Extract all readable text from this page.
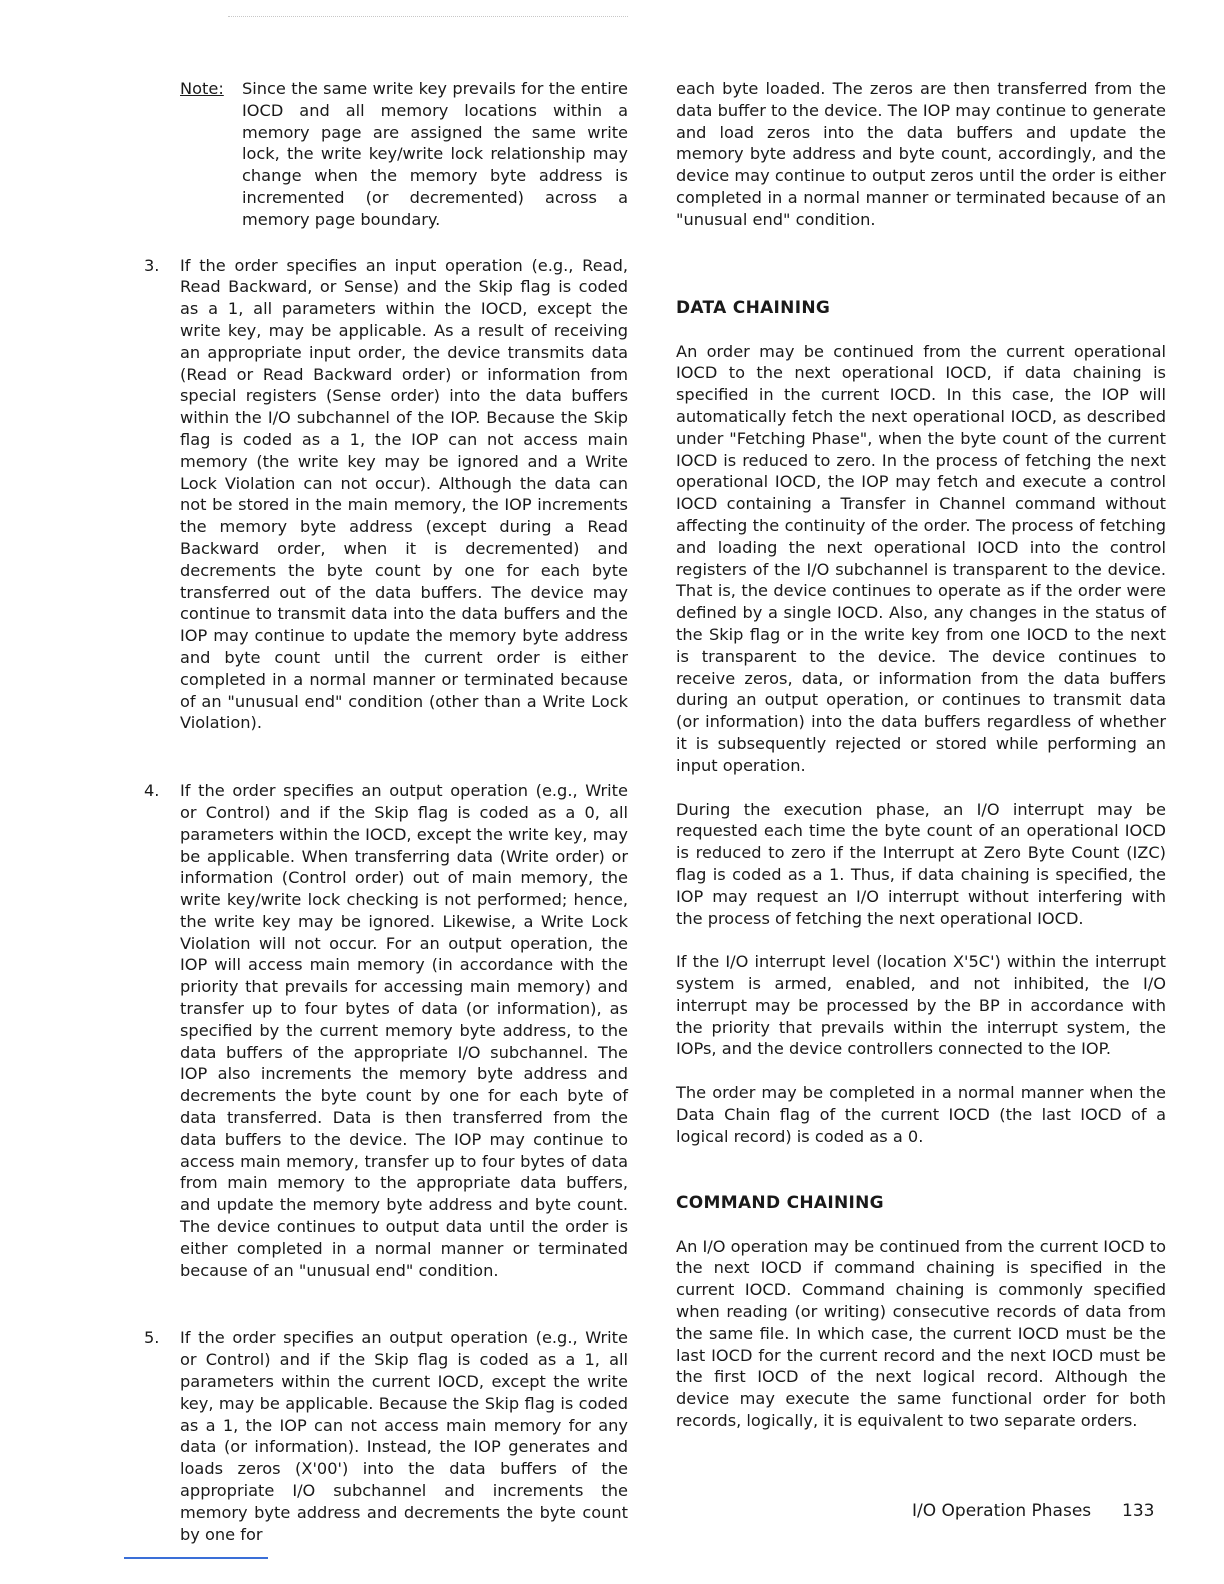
Note:	Since the same write key prevails for the entire IOCD and all memory locations within a memory page are assigned the same write lock, the write key/write lock relationship may change when the memory byte address is incremented (or decremented) across a memory page boundary.

3. If the order specifies an input operation (e.g., Read, Read Backward, or Sense) and the Skip flag is coded as a 1, all parameters within the IOCD, except the write key, may be applicable. As a result of receiving an appropriate input order, the device transmits data (Read or Read Backward order) or information from special registers (Sense order) into the data buffers within the I/O subchannel of the IOP. Because the Skip flag is coded as a 1, the IOP can not access main memory (the write key may be ignored and a Write Lock Violation can not occur). Although the data can not be stored in the main memory, the IOP increments the memory byte address (except during a Read Backward order, when it is decremented) and decrements the byte count by one for each byte transferred out of the data buffers. The device may continue to transmit data into the data buffers and the IOP may continue to update the memory byte address and byte count until the current order is either completed in a normal manner or terminated because of an "unusual end" condition (other than a Write Lock Violation).

4. If the order specifies an output operation (e.g., Write or Control) and if the Skip flag is coded as a 0, all parameters within the IOCD, except the write key, may be applicable. When transferring data (Write order) or information (Control order) out of main memory, the write key/write lock checking is not performed; hence, the write key may be ignored. Likewise, a Write Lock Violation will not occur. For an output operation, the IOP will access main memory (in accordance with the priority that prevails for accessing main memory) and transfer up to four bytes of data (or information), as specified by the current memory byte address, to the data buffers of the appropriate I/O subchannel. The IOP also increments the memory byte address and decrements the byte count by one for each byte of data transferred. Data is then transferred from the data buffers to the device. The IOP may continue to access main memory, transfer up to four bytes of data from main memory to the appropriate data buffers, and update the memory byte address and byte count. The device continues to output data until the order is either completed in a normal manner or terminated because of an "unusual end" condition.

5. If the order specifies an output operation (e.g., Write or Control) and if the Skip flag is coded as a 1, all parameters within the current IOCD, except the write key, may be applicable. Because the Skip flag is coded as a 1, the IOP can not access main memory for any data (or information). Instead, the IOP generates and loads zeros (X'00') into the data buffers of the appropriate I/O subchannel and increments the memory byte address and decrements the byte count by one for

each byte loaded. The zeros are then transferred from the data buffer to the device. The IOP may continue to generate and load zeros into the data buffers and update the memory byte address and byte count, accordingly, and the device may continue to output zeros until the order is either completed in a normal manner or terminated because of an "unusual end" condition.

DATA CHAINING

An order may be continued from the current operational IOCD to the next operational IOCD, if data chaining is specified in the current IOCD. In this case, the IOP will automatically fetch the next operational IOCD, as described under "Fetching Phase", when the byte count of the current IOCD is reduced to zero. In the process of fetching the next operational IOCD, the IOP may fetch and execute a control IOCD containing a Transfer in Channel command without affecting the continuity of the order. The process of fetching and loading the next operational IOCD into the control registers of the I/O subchannel is transparent to the device. That is, the device continues to operate as if the order were defined by a single IOCD. Also, any changes in the status of the Skip flag or in the write key from one IOCD to the next is transparent to the device. The device continues to receive zeros, data, or information from the data buffers during an output operation, or continues to transmit data (or information) into the data buffers regardless of whether it is subsequently rejected or stored while performing an input operation.

During the execution phase, an I/O interrupt may be requested each time the byte count of an operational IOCD is reduced to zero if the Interrupt at Zero Byte Count (IZC) flag is coded as a 1. Thus, if data chaining is specified, the IOP may request an I/O interrupt without interfering with the process of fetching the next operational IOCD.

If the I/O interrupt level (location X'5C') within the interrupt system is armed, enabled, and not inhibited, the I/O interrupt may be processed by the BP in accordance with the priority that prevails within the interrupt system, the IOPs, and the device controllers connected to the IOP.

The order may be completed in a normal manner when the Data Chain flag of the current IOCD (the last IOCD of a logical record) is coded as a 0.

COMMAND CHAINING

An I/O operation may be continued from the current IOCD to the next IOCD if command chaining is specified in the current IOCD. Command chaining is commonly specified when reading (or writing) consecutive records of data from the same file. In which case, the current IOCD must be the last IOCD for the current record and the next IOCD must be the first IOCD of the next logical record. Although the device may execute the same functional order for both records, logically, it is equivalent to two separate orders.

I/O Operation Phases 133
